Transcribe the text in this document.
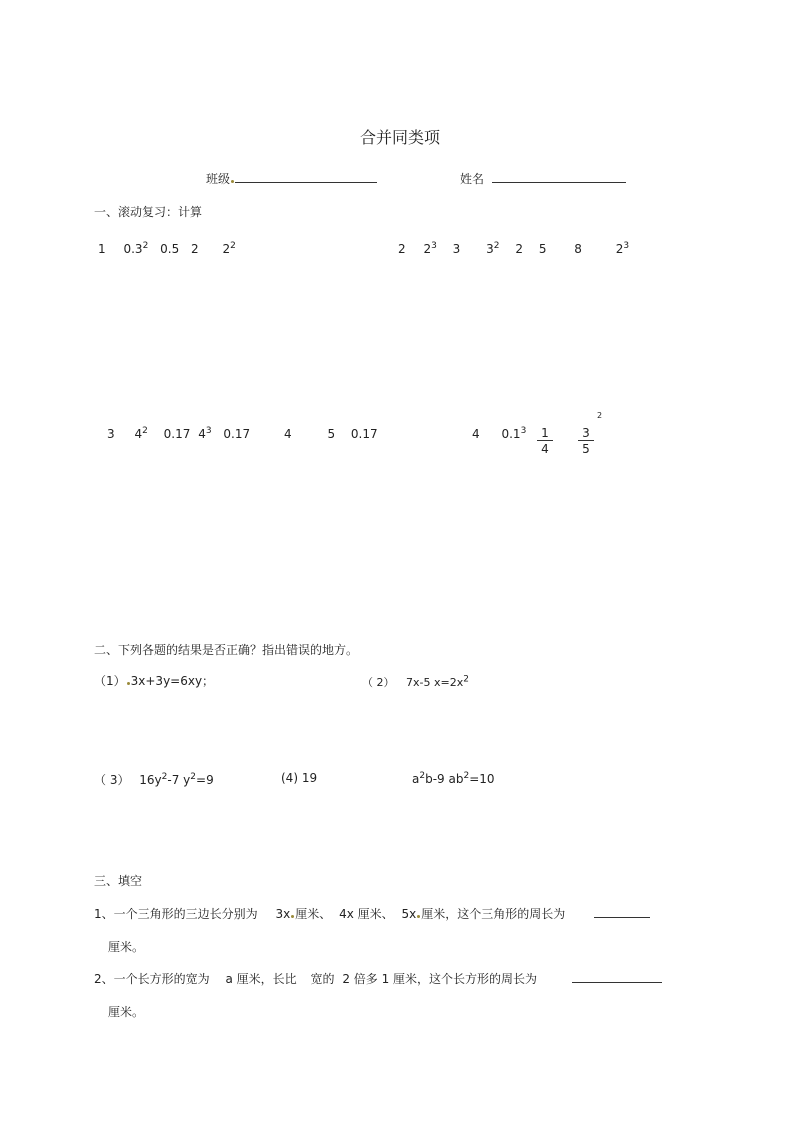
合并同类项
班级	姓名
一、滚动复习：计算
1 $0.3^2$ 0.5 2 $2^2$	2 $2^3$ 3 $3^2$ 2 5 8	$2^3$
3 $4^2$ 0.17 $4^3$ 0.17	4	5 0.17	4 $0.1^3 \frac{1}{4} \frac{3}{5}$
2
二、下列各题的结果是否正确？指出错误的地方。
（1） 3x+3y=6xy；	（ 2） 7x-5 $x=2x^2$
（ 3） $16y^2-7$ $y^2=9$	(4) 19	$a^2b-9$ $ab^2=10$
三、填空
1、一个三角形的三边长分别为 3x 厘米、 4x 厘米、 5x 厘米，这个三角形的周长为
厘米。
2、一个长方形的宽为 a 厘米，长比 宽的 2 倍多 1 厘米，这个长方形的周长为
厘米。
